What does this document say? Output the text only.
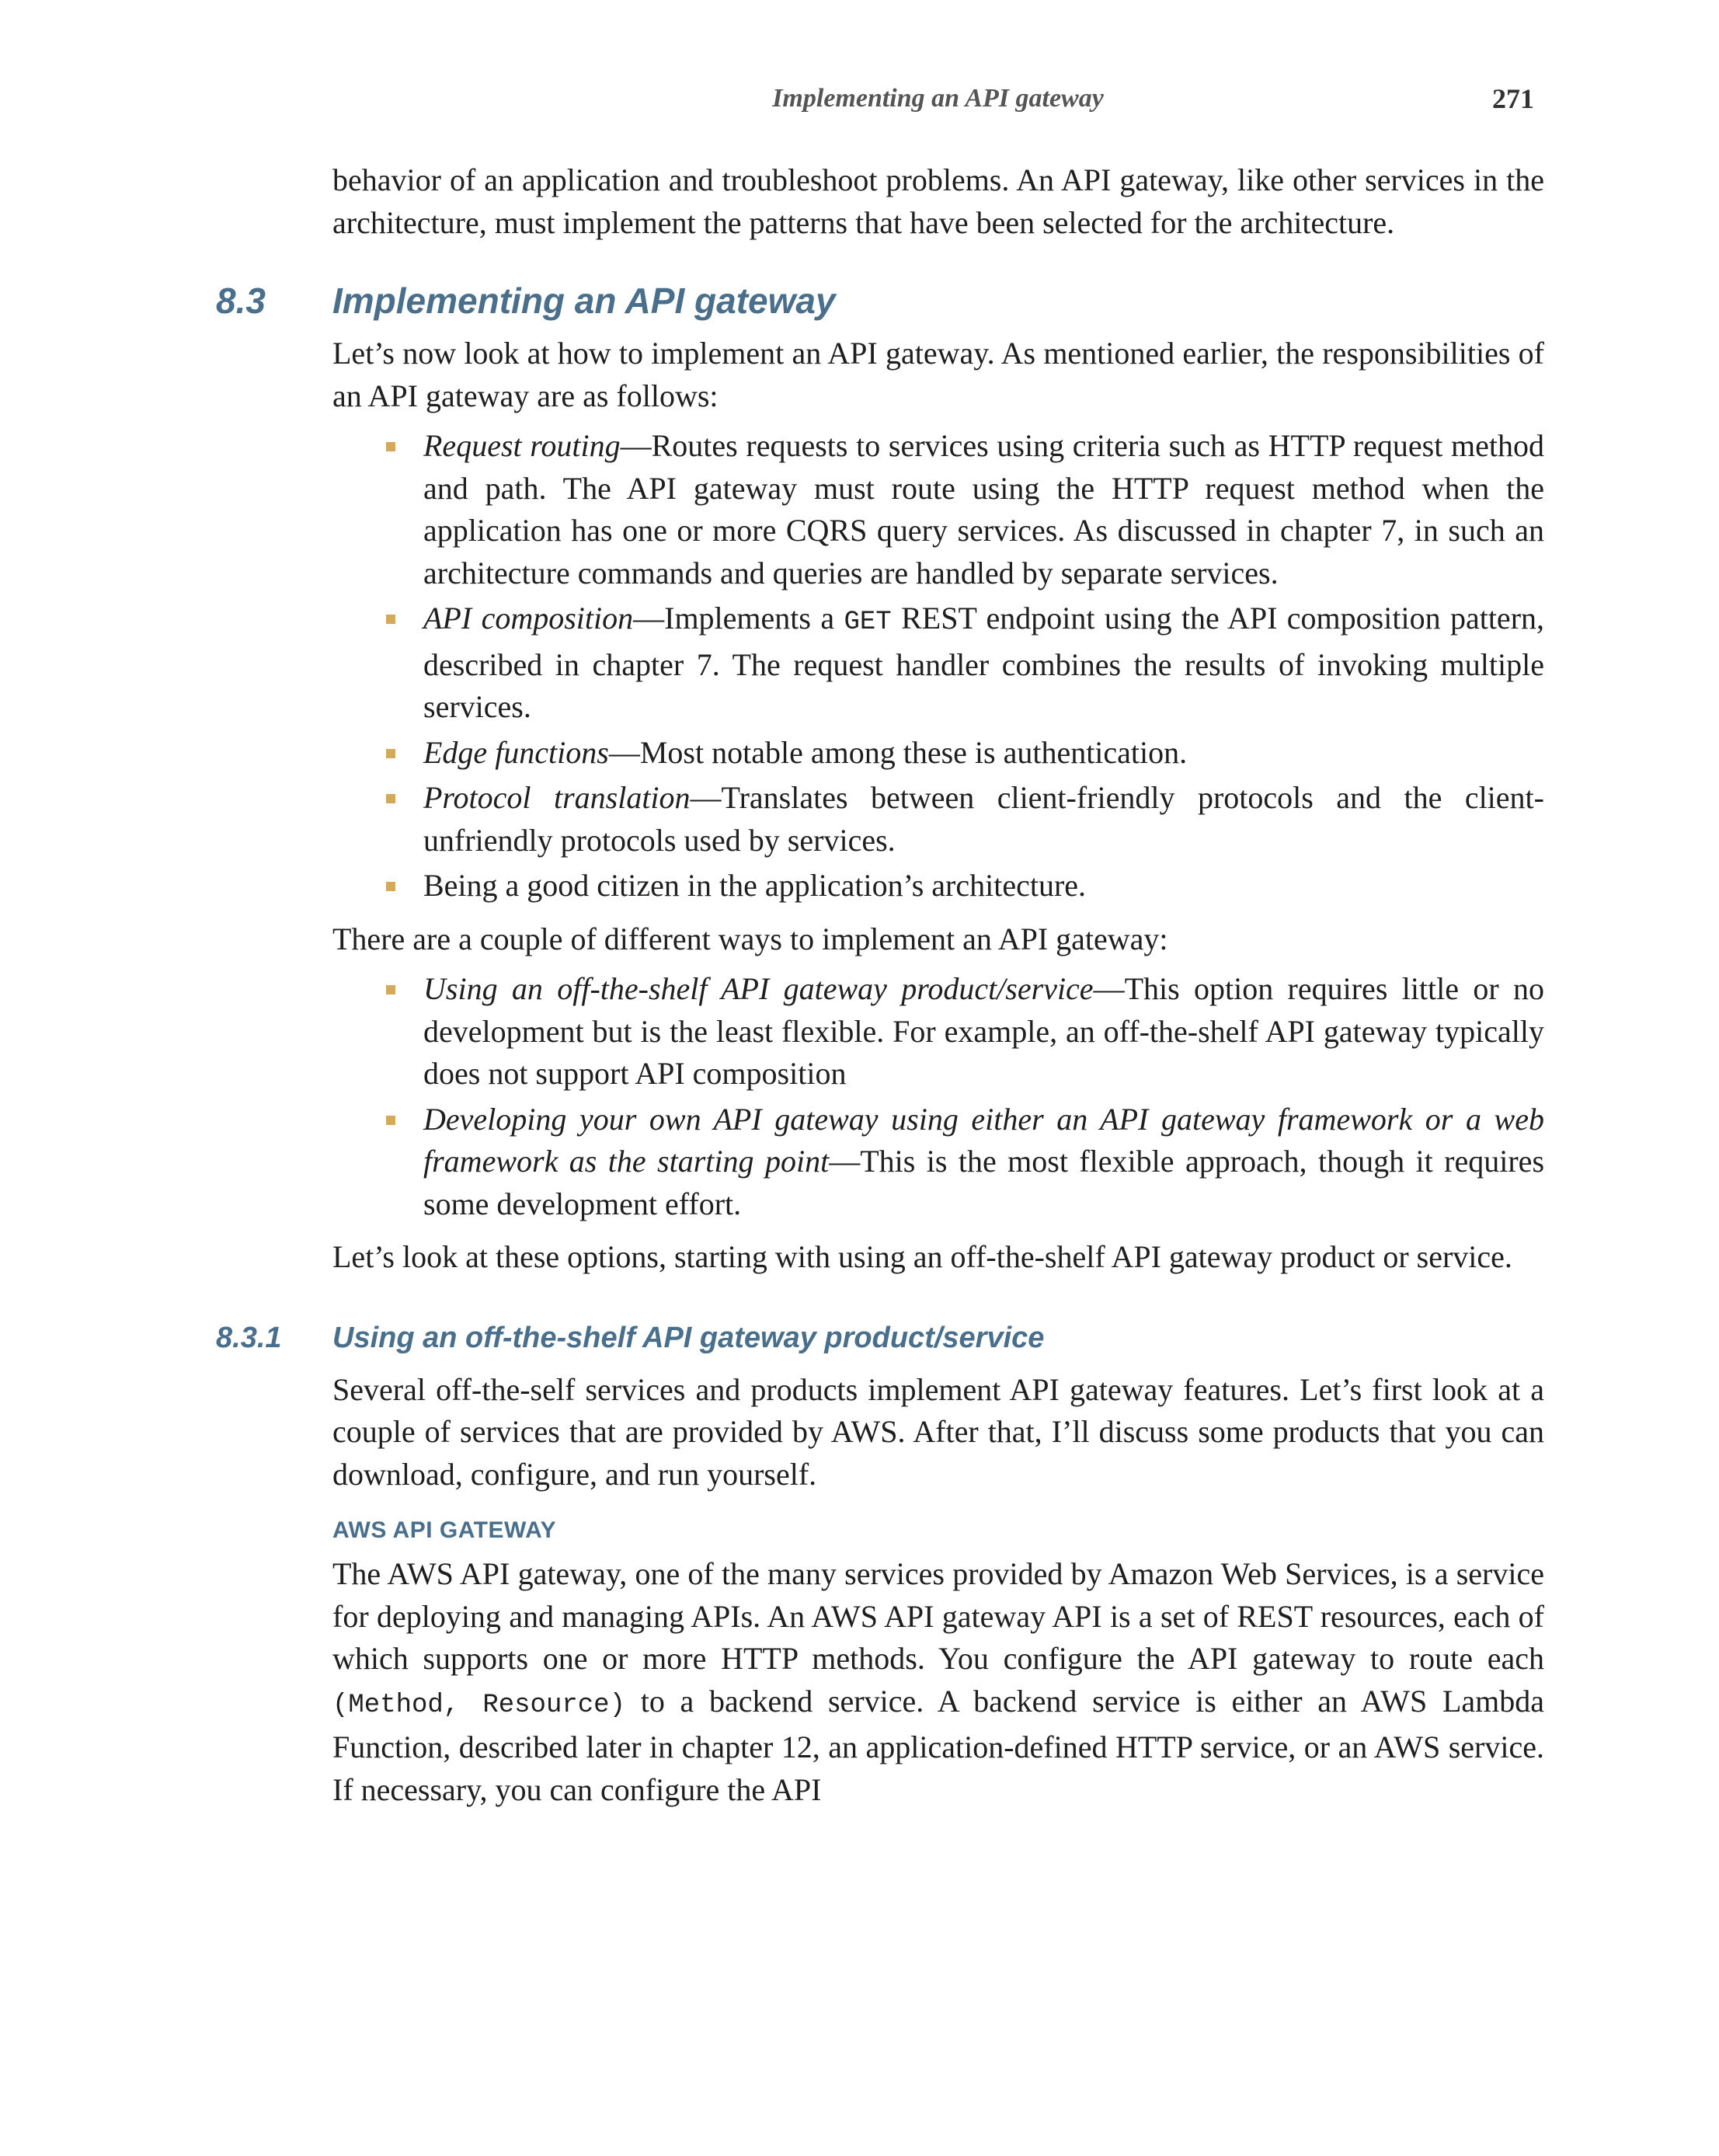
Implementing an API gateway	271

behavior of an application and troubleshoot problems. An API gateway, like other services in the architecture, must implement the patterns that have been selected for the architecture.

8.3 Implementing an API gateway

Let’s now look at how to implement an API gateway. As mentioned earlier, the responsibilities of an API gateway are as follows:

Request routing—Routes requests to services using criteria such as HTTP request method and path. The API gateway must route using the HTTP request method when the application has one or more CQRS query services. As discussed in chapter 7, in such an architecture commands and queries are handled by separate services.
API composition—Implements a GET REST endpoint using the API composition pattern, described in chapter 7. The request handler combines the results of invoking multiple services.
Edge functions—Most notable among these is authentication.
Protocol translation—Translates between client-friendly protocols and the client-unfriendly protocols used by services.
Being a good citizen in the application’s architecture.

There are a couple of different ways to implement an API gateway:

Using an off-the-shelf API gateway product/service—This option requires little or no development but is the least flexible. For example, an off-the-shelf API gateway typically does not support API composition
Developing your own API gateway using either an API gateway framework or a web framework as the starting point—This is the most flexible approach, though it requires some development effort.

Let’s look at these options, starting with using an off-the-shelf API gateway product or service.

8.3.1 Using an off-the-shelf API gateway product/service

Several off-the-self services and products implement API gateway features. Let’s first look at a couple of services that are provided by AWS. After that, I’ll discuss some products that you can download, configure, and run yourself.

AWS API GATEWAY

The AWS API gateway, one of the many services provided by Amazon Web Services, is a service for deploying and managing APIs. An AWS API gateway API is a set of REST resources, each of which supports one or more HTTP methods. You configure the API gateway to route each (Method, Resource) to a backend service. A backend service is either an AWS Lambda Function, described later in chapter 12, an application-defined HTTP service, or an AWS service. If necessary, you can configure the API
